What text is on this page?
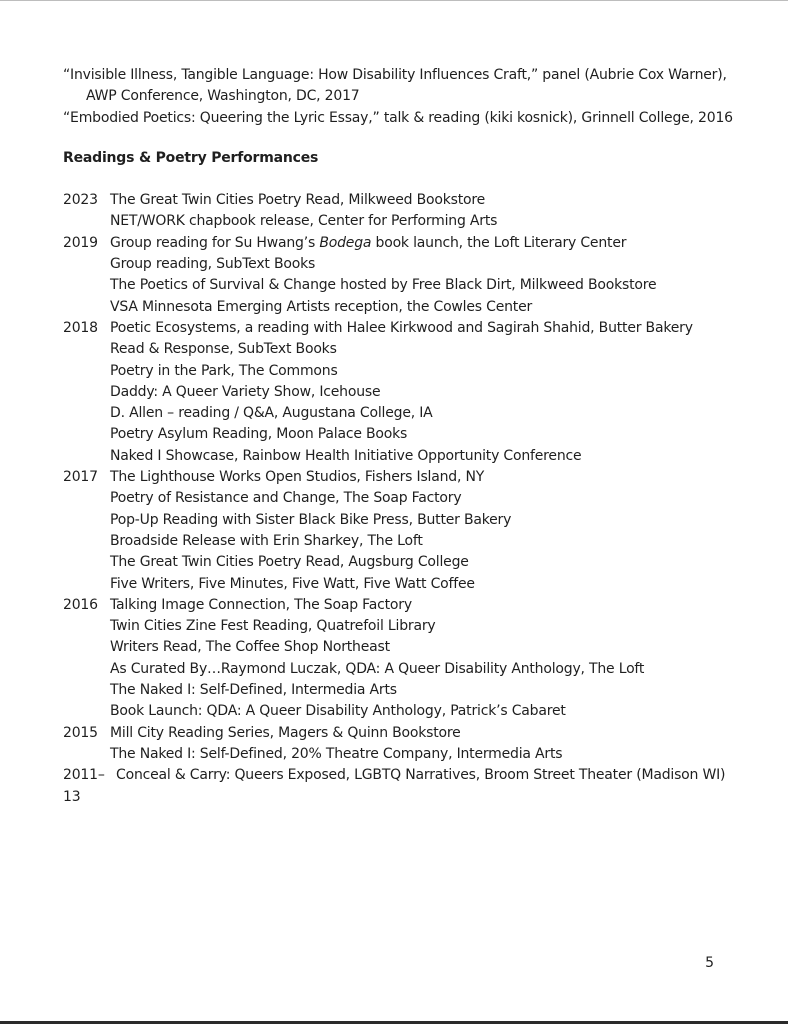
“Invisible Illness, Tangible Language: How Disability Influences Craft,” panel (Aubrie Cox Warner), AWP Conference, Washington, DC, 2017

“Embodied Poetics: Queering the Lyric Essay,” talk & reading (kiki kosnick), Grinnell College, 2016

Readings & Poetry Performances
2023 The Great Twin Cities Poetry Read, Milkweed Bookstore
NET/WORK chapbook release, Center for Performing Arts
2019 Group reading for Su Hwang’s Bodega book launch, the Loft Literary Center
Group reading, SubText Books
The Poetics of Survival & Change hosted by Free Black Dirt, Milkweed Bookstore
VSA Minnesota Emerging Artists reception, the Cowles Center
2018 Poetic Ecosystems, a reading with Halee Kirkwood and Sagirah Shahid, Butter Bakery
Read & Response, SubText Books
Poetry in the Park, The Commons
Daddy: A Queer Variety Show, Icehouse
D. Allen – reading / Q&A, Augustana College, IA
Poetry Asylum Reading, Moon Palace Books
Naked I Showcase, Rainbow Health Initiative Opportunity Conference
2017 The Lighthouse Works Open Studios, Fishers Island, NY
Poetry of Resistance and Change, The Soap Factory
Pop-Up Reading with Sister Black Bike Press, Butter Bakery
Broadside Release with Erin Sharkey, The Loft
The Great Twin Cities Poetry Read, Augsburg College
Five Writers, Five Minutes, Five Watt, Five Watt Coffee
2016 Talking Image Connection, The Soap Factory
Twin Cities Zine Fest Reading, Quatrefoil Library
Writers Read, The Coffee Shop Northeast
As Curated By…Raymond Luczak, QDA: A Queer Disability Anthology, The Loft
The Naked I: Self-Defined, Intermedia Arts
Book Launch: QDA: A Queer Disability Anthology, Patrick’s Cabaret
2015 Mill City Reading Series, Magers & Quinn Bookstore
The Naked I: Self-Defined, 20% Theatre Company, Intermedia Arts
2011–13
Conceal & Carry: Queers Exposed, LGBTQ Narratives, Broom Street Theater (Madison WI)
5
